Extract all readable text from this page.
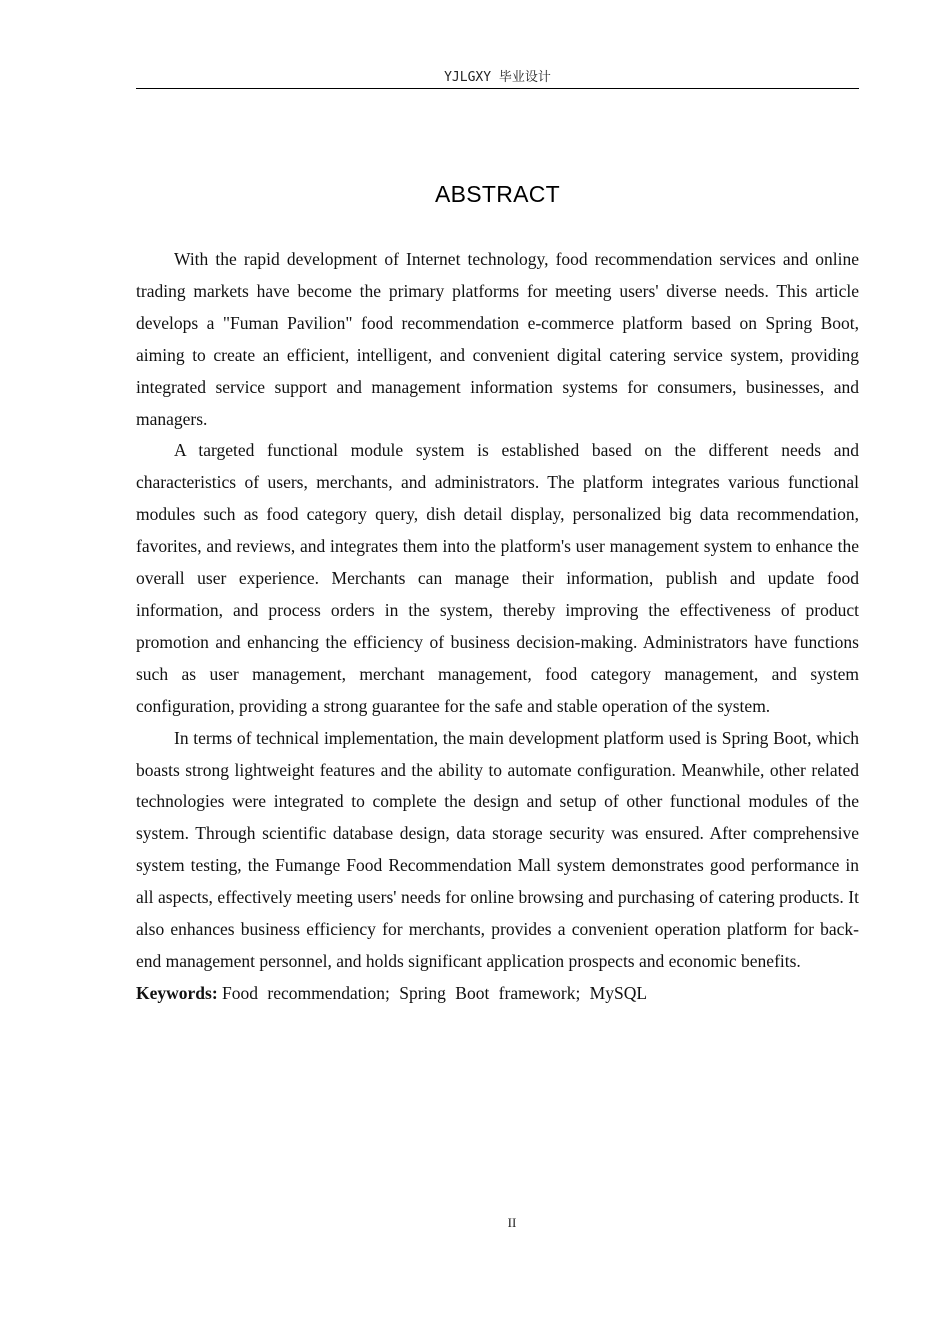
YJLGXY 毕业设计
ABSTRACT

With the rapid development of Internet technology, food recommendation services and online trading markets have become the primary platforms for meeting users' diverse needs. This article develops a "Fuman Pavilion" food recommendation e-commerce platform based on Spring Boot, aiming to create an efficient, intelligent, and convenient digital catering service system, providing integrated service support and management information systems for consumers, businesses, and managers.

A targeted functional module system is established based on the different needs and characteristics of users, merchants, and administrators. The platform integrates various functional modules such as food category query, dish detail display, personalized big data recommendation, favorites, and reviews, and integrates them into the platform's user management system to enhance the overall user experience. Merchants can manage their information, publish and update food information, and process orders in the system, thereby improving the effectiveness of product promotion and enhancing the efficiency of business decision-making. Administrators have functions such as user management, merchant management, food category management, and system configuration, providing a strong guarantee for the safe and stable operation of the system.

In terms of technical implementation, the main development platform used is Spring Boot, which boasts strong lightweight features and the ability to automate configuration. Meanwhile, other related technologies were integrated to complete the design and setup of other functional modules of the system. Through scientific database design, data storage security was ensured. After comprehensive system testing, the Fumange Food Recommendation Mall system demonstrates good performance in all aspects, effectively meeting users' needs for online browsing and purchasing of catering products. It also enhances business efficiency for merchants, provides a convenient operation platform for back-end management personnel, and holds significant application prospects and economic benefits.

Keywords: Food recommendation; Spring Boot framework; MySQL

II
